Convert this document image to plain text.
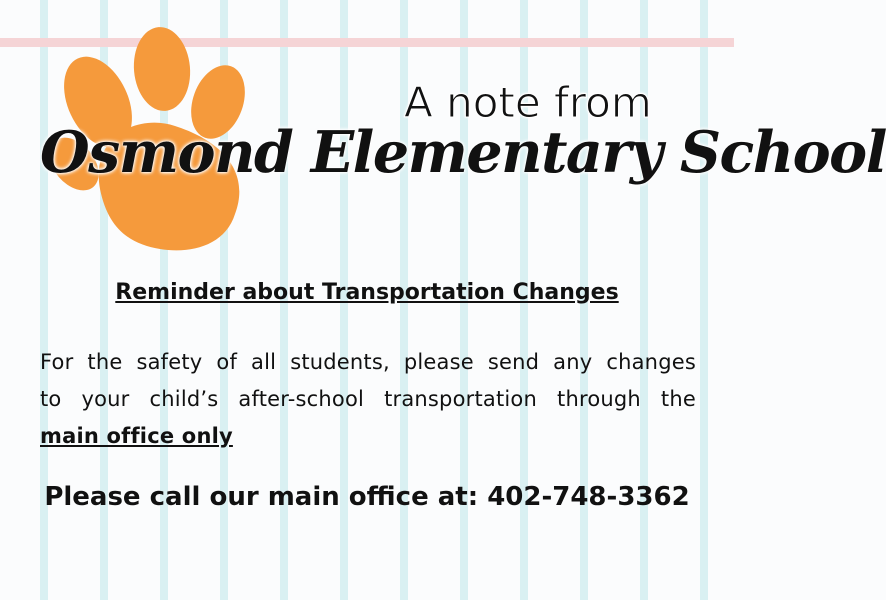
A note from
Osmond Elementary School
Reminder about Transportation Changes
For the safety of all students, please send any changes
to your child’s after-school transportation through the
main office only
Please call our main office at: 402-748-3362
